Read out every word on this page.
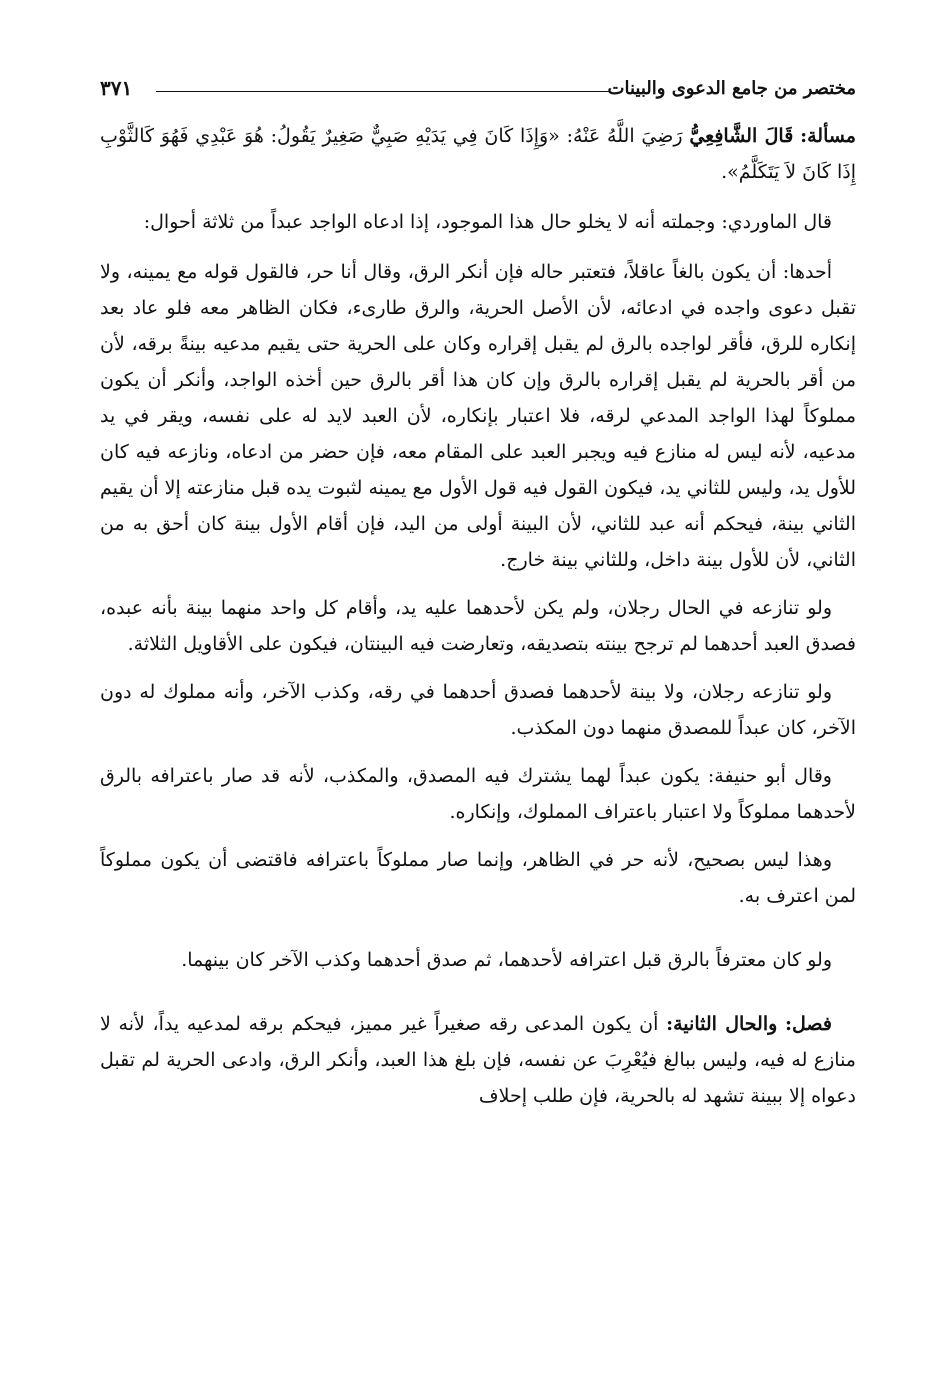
مختصر من جامع الدعوى والبينات
٣٧١

مسألة: قَالَ الشَّافِعِيُّ رَضِيَ اللَّهُ عَنْهُ: «وَإِذَا كَانَ فِي يَدَيْهِ صَبِيٌّ صَغِيرٌ يَقُولُ: هُوَ عَبْدِي فَهُوَ كَالثَّوْبِ إِذَا كَانَ لاَ يَتَكَلَّمُ».

قال الماوردي: وجملته أنه لا يخلو حال هذا الموجود، إذا ادعاه الواجد عبداً من ثلاثة أحوال:

أحدها: أن يكون بالغاً عاقلاً، فتعتبر حاله فإن أنكر الرق، وقال أنا حر، فالقول قوله مع يمينه، ولا تقبل دعوى واجده في ادعائه، لأن الأصل الحرية، والرق طارىء، فكان الظاهر معه فلو عاد بعد إنكاره للرق، فأقر لواجده بالرق لم يقبل إقراره وكان على الحرية حتى يقيم مدعيه بينةً برقه، لأن من أقر بالحرية لم يقبل إقراره بالرق وإن كان هذا أقر بالرق حين أخذه الواجد، وأنكر أن يكون مملوكاً لهذا الواجد المدعي لرقه، فلا اعتبار بإنكاره، لأن العبد لايد له على نفسه، ويقر في يد مدعيه، لأنه ليس له منازع فيه ويجبر العبد على المقام معه، فإن حضر من ادعاه، ونازعه فيه كان للأول يد، وليس للثاني يد، فيكون القول فيه قول الأول مع يمينه لثبوت يده قبل منازعته إلا أن يقيم الثاني بينة، فيحكم أنه عبد للثاني، لأن البينة أولى من اليد، فإن أقام الأول بينة كان أحق به من الثاني، لأن للأول بينة داخل، وللثاني بينة خارج.

ولو تنازعه في الحال رجلان، ولم يكن لأحدهما عليه يد، وأقام كل واحد منهما بينة بأنه عبده، فصدق العبد أحدهما لم ترجح بينته بتصديقه، وتعارضت فيه البينتان، فيكون على الأقاويل الثلاثة.

ولو تنازعه رجلان، ولا بينة لأحدهما فصدق أحدهما في رقه، وكذب الآخر، وأنه مملوك له دون الآخر، كان عبداً للمصدق منهما دون المكذب.

وقال أبو حنيفة: يكون عبداً لهما يشترك فيه المصدق، والمكذب، لأنه قد صار باعترافه بالرق لأحدهما مملوكاً ولا اعتبار باعتراف المملوك، وإنكاره.

وهذا ليس بصحيح، لأنه حر في الظاهر، وإنما صار مملوكاً باعترافه فاقتضى أن يكون مملوكاً لمن اعترف به.

ولو كان معترفاً بالرق قبل اعترافه لأحدهما، ثم صدق أحدهما وكذب الآخر كان بينهما.

فصل: والحال الثانية: أن يكون المدعى رقه صغيراً غير مميز، فيحكم برقه لمدعيه يداً، لأنه لا منازع له فيه، وليس ببالغ فيُعْرِبَ عن نفسه، فإن بلغ هذا العبد، وأنكر الرق، وادعى الحرية لم تقبل دعواه إلا ببينة تشهد له بالحرية، فإن طلب إحلاف
